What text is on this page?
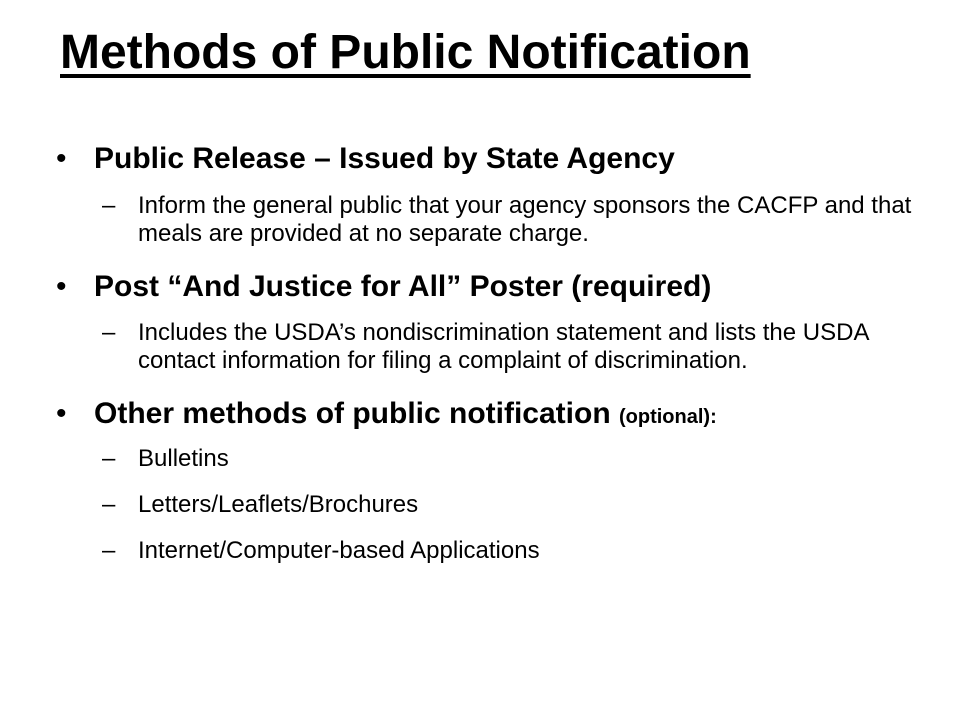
Methods of Public Notification

• Public Release – Issued by State Agency

– Inform the general public that your agency sponsors the CACFP and that meals are provided at no separate charge.

• Post “And Justice for All” Poster (required)

– Includes the USDA’s nondiscrimination statement and lists the USDA contact information for filing a complaint of discrimination.

• Other methods of public notification (optional):

– Bulletins

– Letters/Leaflets/Brochures

– Internet/Computer-based Applications
